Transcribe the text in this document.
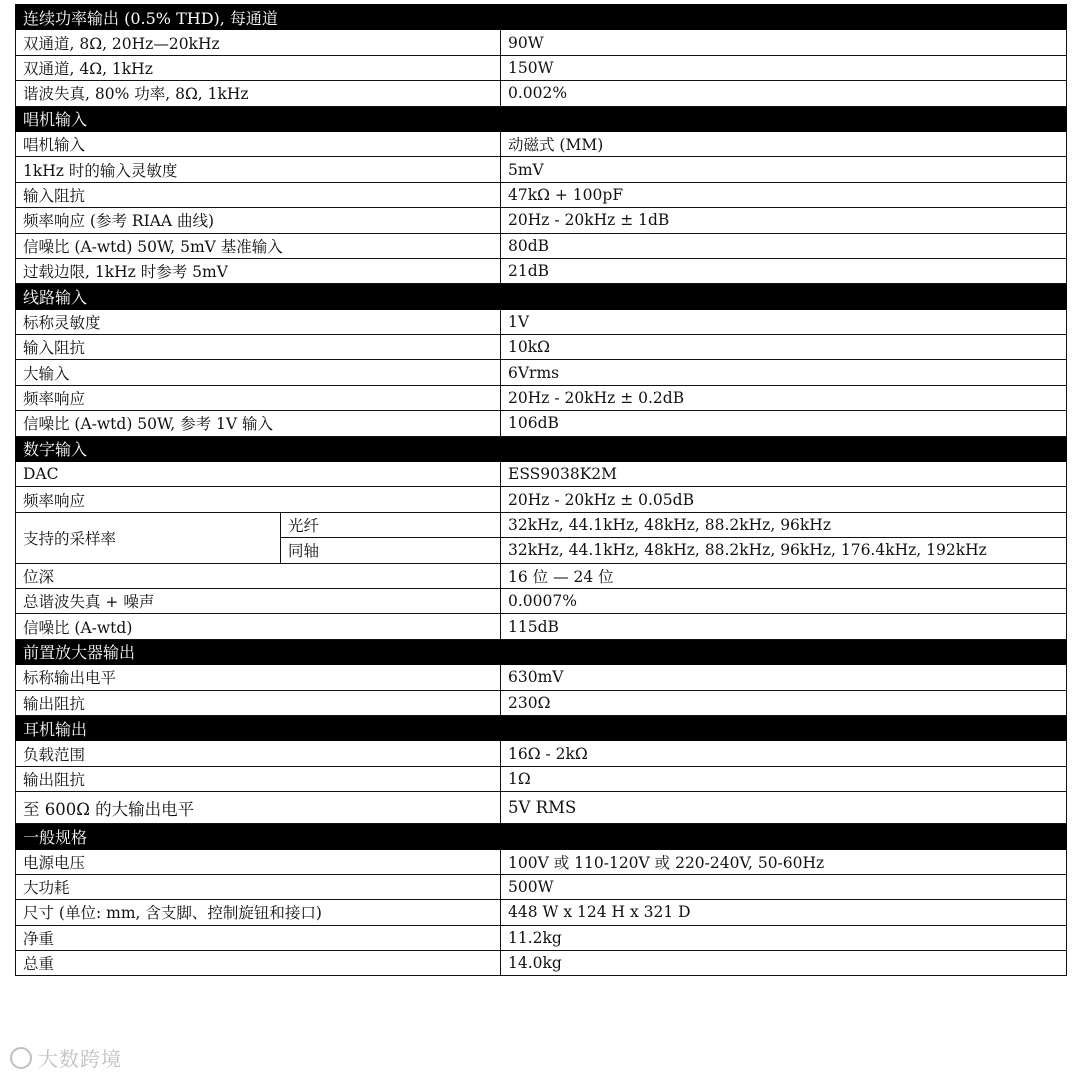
连续功率输出 (0.5% THD), 每通道		
双通道, 8Ω, 20Hz—20kHz		90W
双通道, 4Ω, 1kHz		150W
谐波失真, 80% 功率, 8Ω, 1kHz		0.002%
唱机输入		
唱机输入		动磁式 (MM)
1kHz 时的输入灵敏度		5mV
输入阻抗		47kΩ + 100pF
频率响应 (参考 RIAA 曲线)		20Hz - 20kHz ± 1dB
信噪比 (A-wtd) 50W, 5mV 基准输入		80dB
过载边限, 1kHz 时参考 5mV		21dB
线路输入		
标称灵敏度		1V
输入阻抗		10kΩ
大输入		6Vrms
频率响应		20Hz - 20kHz ± 0.2dB
信噪比 (A-wtd) 50W, 参考 1V 输入		106dB
数字输入		
DAC		ESS9038K2M
频率响应		20Hz - 20kHz ± 0.05dB
支持的采样率	光纤	32kHz, 44.1kHz, 48kHz, 88.2kHz, 96kHz
	同轴	32kHz, 44.1kHz, 48kHz, 88.2kHz, 96kHz, 176.4kHz, 192kHz
位深		16 位 — 24 位
总谐波失真 + 噪声		0.0007%
信噪比 (A-wtd)		115dB
前置放大器输出		
标称输出电平		630mV
输出阻抗		230Ω
耳机输出		
负载范围		16Ω - 2kΩ
输出阻抗		1Ω
至 600Ω 的大输出电平		5V RMS
一般规格		
电源电压		100V 或 110-120V 或 220-240V, 50-60Hz
大功耗		500W
尺寸 (单位: mm, 含支脚、控制旋钮和接口)		448 W x 124 H x 321 D
净重		11.2kg
总重		14.0kg
大数跨境
